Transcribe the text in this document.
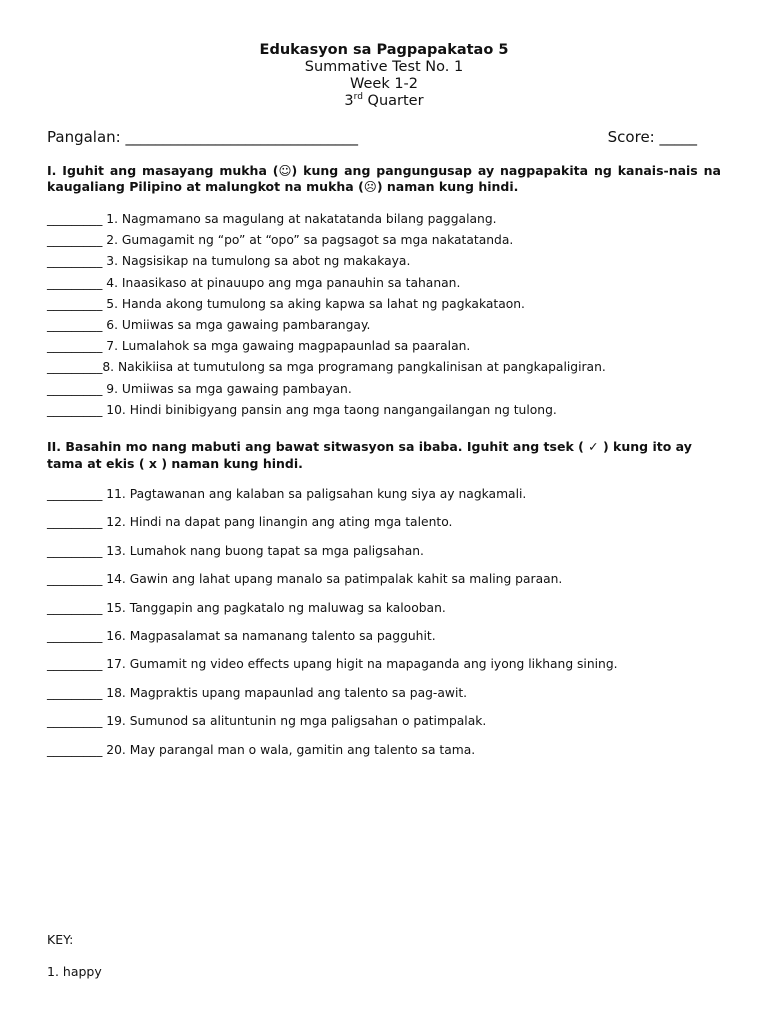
Edukasyon sa Pagpapakatao 5
Summative Test No. 1
Week 1-2
3rd Quarter
Pangalan: _______________________________	Score: _____
I. Iguhit ang masayang mukha (☺) kung ang pangungusap ay nagpapakita ng kanais-nais na kaugaliang Pilipino at malungkot na mukha (☹) naman kung hindi.
_________ 1. Nagmamano sa magulang at nakatatanda bilang paggalang.
_________ 2. Gumagamit ng “po” at “opo” sa pagsagot sa mga nakatatanda.
_________ 3. Nagsisikap na tumulong sa abot ng makakaya.
_________ 4. Inaasikaso at pinauupo ang mga panauhin sa tahanan.
_________ 5. Handa akong tumulong sa aking kapwa sa lahat ng pagkakataon.
_________ 6. Umiiwas sa mga gawaing pambarangay.
_________ 7. Lumalahok sa mga gawaing magpapaunlad sa paaralan.
_________8. Nakikiisa at tumutulong sa mga programang pangkalinisan at pangkapaligiran.
_________ 9. Umiiwas sa mga gawaing pambayan.
_________ 10. Hindi binibigyang pansin ang mga taong nangangailangan ng tulong.
II. Basahin mo nang mabuti ang bawat sitwasyon sa ibaba. Iguhit ang tsek ( ✓ ) kung ito ay tama at ekis ( x ) naman kung hindi.
_________ 11. Pagtawanan ang kalaban sa paligsahan kung siya ay nagkamali.
_________ 12. Hindi na dapat pang linangin ang ating mga talento.
_________ 13. Lumahok nang buong tapat sa mga paligsahan.
_________ 14. Gawin ang lahat upang manalo sa patimpalak kahit sa maling paraan.
_________ 15. Tanggapin ang pagkatalo ng maluwag sa kalooban.
_________ 16. Magpasalamat sa namanang talento sa pagguhit.
_________ 17. Gumamit ng video effects upang higit na mapaganda ang iyong likhang sining.
_________ 18. Magpraktis upang mapaunlad ang talento sa pag-awit.
_________ 19. Sumunod sa alituntunin ng mga paligsahan o patimpalak.
_________ 20. May parangal man o wala, gamitin ang talento sa tama.
KEY:
1. happy
